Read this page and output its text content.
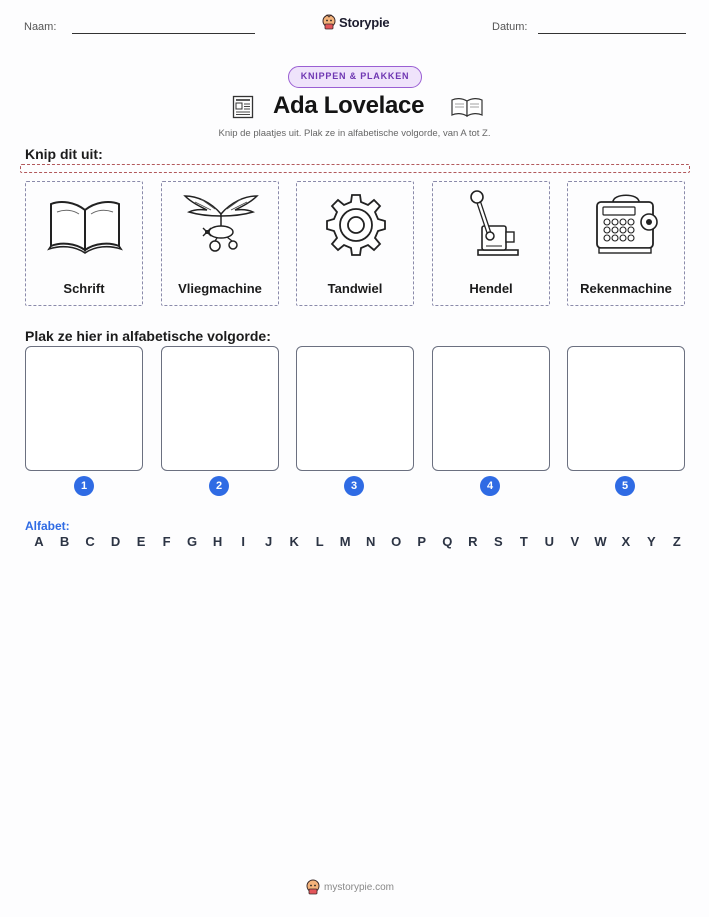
Naam:	Storypie	Datum:
KNIPPEN & PLAKKEN
Ada Lovelace
Knip de plaatjes uit. Plak ze in alfabetische volgorde, van A tot Z.
Knip dit uit:
Schrift	Vliegmachine	Tandwiel	Hendel	Rekenmachine
Plak ze hier in alfabetische volgorde:
1	2	3	4	5
Alfabet:
A B C D E F G H	I	J K L M N O P Q R S T U V W X Y Z
mystorypie.com
